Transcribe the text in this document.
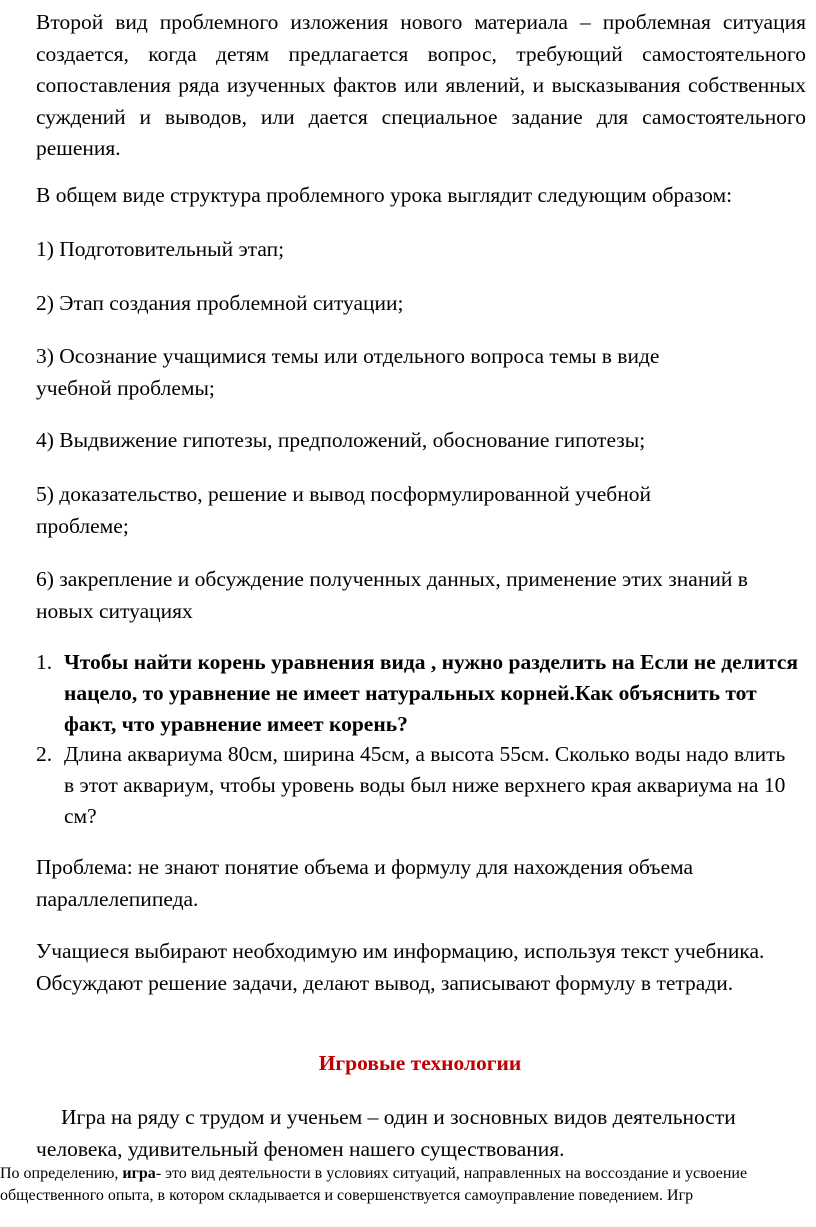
Второй вид проблемного изложения нового материала – проблемная ситуация создается, когда детям предлагается вопрос, требующий самостоятельного сопоставления ряда изученных фактов или явлений, и высказывания собственных суждений и выводов, или дается специальное задание для самостоятельного решения.

В общем виде структура проблемного урока выглядит следующим образом:

1) Подготовительный этап;

2) Этап создания проблемной ситуации;

3) Осознание учащимися темы или отдельного вопроса темы в виде учебной проблемы;

4) Выдвижение гипотезы, предположений, обоснование гипотезы;

5) доказательство, решение и вывод посформулированной учебной проблеме;

6) закрепление и обсуждение полученных данных, применение этих знаний в новых ситуациях

1. Чтобы найти корень уравнения вида , нужно разделить на Если не делится нацело, то уравнение не имеет натуральных корней.Как объяснить тот факт, что уравнение имеет корень?
2. Длина аквариума 80см, ширина 45см, а высота 55см. Сколько воды надо влить в этот аквариум, чтобы уровень воды был ниже верхнего края аквариума на 10 см?

Проблема: не знают понятие объема и формулу для нахождения объема параллелепипеда.

Учащиеся выбирают необходимую им информацию, используя текст учебника. Обсуждают решение задачи, делают вывод, записывают формулу в тетради.

Игровые технологии

Игра на ряду с трудом и ученьем – один и зосновных видов деятельности человека, удивительный феномен нашего существования.

По определению, игра- это вид деятельности в условиях ситуаций, направленных на воссоздание и усвоение общественного опыта, в котором складывается и совершенствуется самоуправление поведением. Игр
